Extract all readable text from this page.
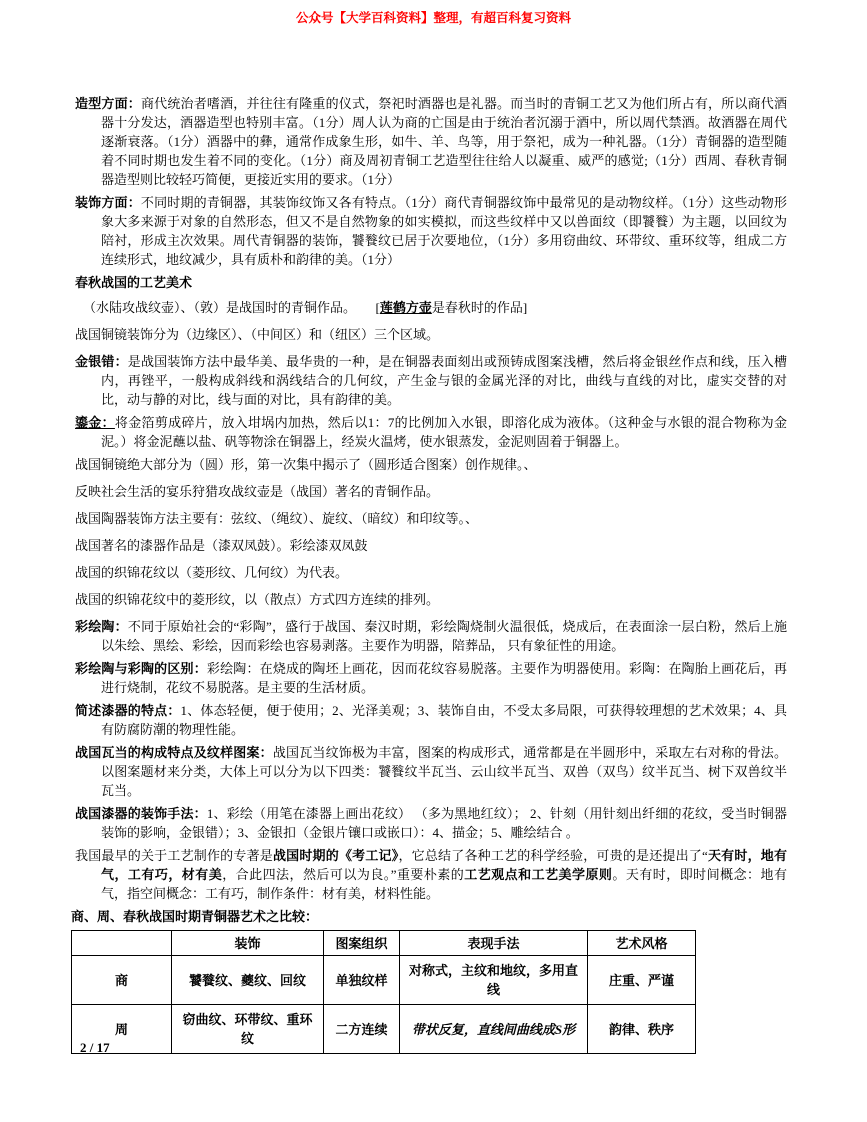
公众号【大学百科资料】整理，有超百科复习资料

造型方面：商代统治者嗜酒，并往往有隆重的仪式，祭祀时酒器也是礼器。而当时的青铜工艺又为他们所占有，所以商代酒器十分发达，酒器造型也特别丰富。（1分）周人认为商的亡国是由于统治者沉溺于酒中，所以周代禁酒。故酒器在周代逐渐衰落。（1分）酒器中的彝，通常作成象生形，如牛、羊、鸟等，用于祭祀，成为一种礼器。（1分）青铜器的造型随着不同时期也发生着不同的变化。（1分）商及周初青铜工艺造型往往给人以凝重、威严的感觉;（1分）西周、春秋青铜器造型则比较轻巧简便，更接近实用的要求。（1分）

装饰方面：不同时期的青铜器，其装饰纹饰又各有特点。（1分）商代青铜器纹饰中最常见的是动物纹样。（1分）这些动物形象大多来源于对象的自然形态，但又不是自然物象的如实模拟，而这些纹样中又以兽面纹（即饕餮）为主题，以回纹为陪衬，形成主次效果。周代青铜器的装饰，饕餮纹已居于次要地位，（1分）多用窃曲纹、环带纹、重环纹等，组成二方连续形式，地纹减少，具有质朴和韵律的美。（1分）

春秋战国的工艺美术

（水陆攻战纹壶）、（敦）是战国时的青铜作品。　　[莲鹤方壶是春秋时的作品]

战国铜镜装饰分为（边缘区）、（中间区）和（纽区）三个区域。

金银错：是战国装饰方法中最华美、最华贵的一种，是在铜器表面刻出或预铸成图案浅槽，然后将金银丝作点和线，压入槽内，再锉平，一般构成斜线和涡线结合的几何纹，产生金与银的金属光泽的对比，曲线与直线的对比，虚实交替的对比，动与静的对比，线与面的对比，具有韵律的美。

鎏金：将金箔剪成碎片，放入坩埚内加热，然后以1：7的比例加入水银，即溶化成为液体。（这种金与水银的混合物称为金泥。）将金泥蘸以盐、矾等物涂在铜器上，经炭火温烤，使水银蒸发，金泥则固着于铜器上。

战国铜镜绝大部分为（圆）形，第一次集中揭示了（圆形适合图案）创作规律。、

反映社会生活的宴乐狩猎攻战纹壶是（战国）著名的青铜作品。

战国陶器装饰方法主要有：弦纹、（绳纹）、旋纹、（暗纹）和印纹等。、

战国著名的漆器作品是（漆双凤鼓）。彩绘漆双凤鼓

战国的织锦花纹以（菱形纹、几何纹）为代表。

战国的织锦花纹中的菱形纹，以（散点）方式四方连续的排列。

彩绘陶：不同于原始社会的“彩陶”，盛行于战国、秦汉时期，彩绘陶烧制火温很低，烧成后，在表面涂一层白粉，然后上施以朱绘、黑绘、彩绘，因而彩绘也容易剥落。主要作为明器，陪葬品， 只有象征性的用途。

彩绘陶与彩陶的区别：彩绘陶：在烧成的陶坯上画花，因而花纹容易脱落。主要作为明器使用。彩陶：在陶胎上画花后，再进行烧制，花纹不易脱落。是主要的生活材质。

简述漆器的特点：1、体态轻便，便于使用；2、光泽美观；3、装饰自由，不受太多局限，可获得较理想的艺术效果；4、具有防腐防潮的物理性能。

战国瓦当的构成特点及纹样图案：战国瓦当纹饰极为丰富，图案的构成形式，通常都是在半圆形中，采取左右对称的骨法。以图案题材来分类，大体上可以分为以下四类：饕餮纹半瓦当、云山纹半瓦当、双兽（双鸟）纹半瓦当、树下双兽纹半瓦当。

战国漆器的装饰手法：1、彩绘（用笔在漆器上画出花纹） （多为黑地红纹）； 2、针刻（用针刻出纤细的花纹，受当时铜器装饰的影响，金银错）；3、金银扣（金银片镶口或嵌口）：4、描金；5、雕绘结合 。

我国最早的关于工艺制作的专著是战国时期的《考工记》，它总结了各种工艺的科学经验，可贵的是还提出了“天有时，地有气，工有巧，材有美，合此四法，然后可以为良。”重要朴素的工艺观点和工艺美学原则。天有时，即时间概念：地有气，指空间概念：工有巧，制作条件：材有美，材料性能。

商、周、春秋战国时期青铜器艺术之比较：

	装饰	图案组织	表现手法	艺术风格
商	饕餮纹、夔纹、回纹	单独纹样	对称式，主纹和地纹，多用直线	庄重、严谨
周	窃曲纹、环带纹、重环纹	二方连续	带状反复，直线间曲线成S形	韵律、秩序
2 / 17
